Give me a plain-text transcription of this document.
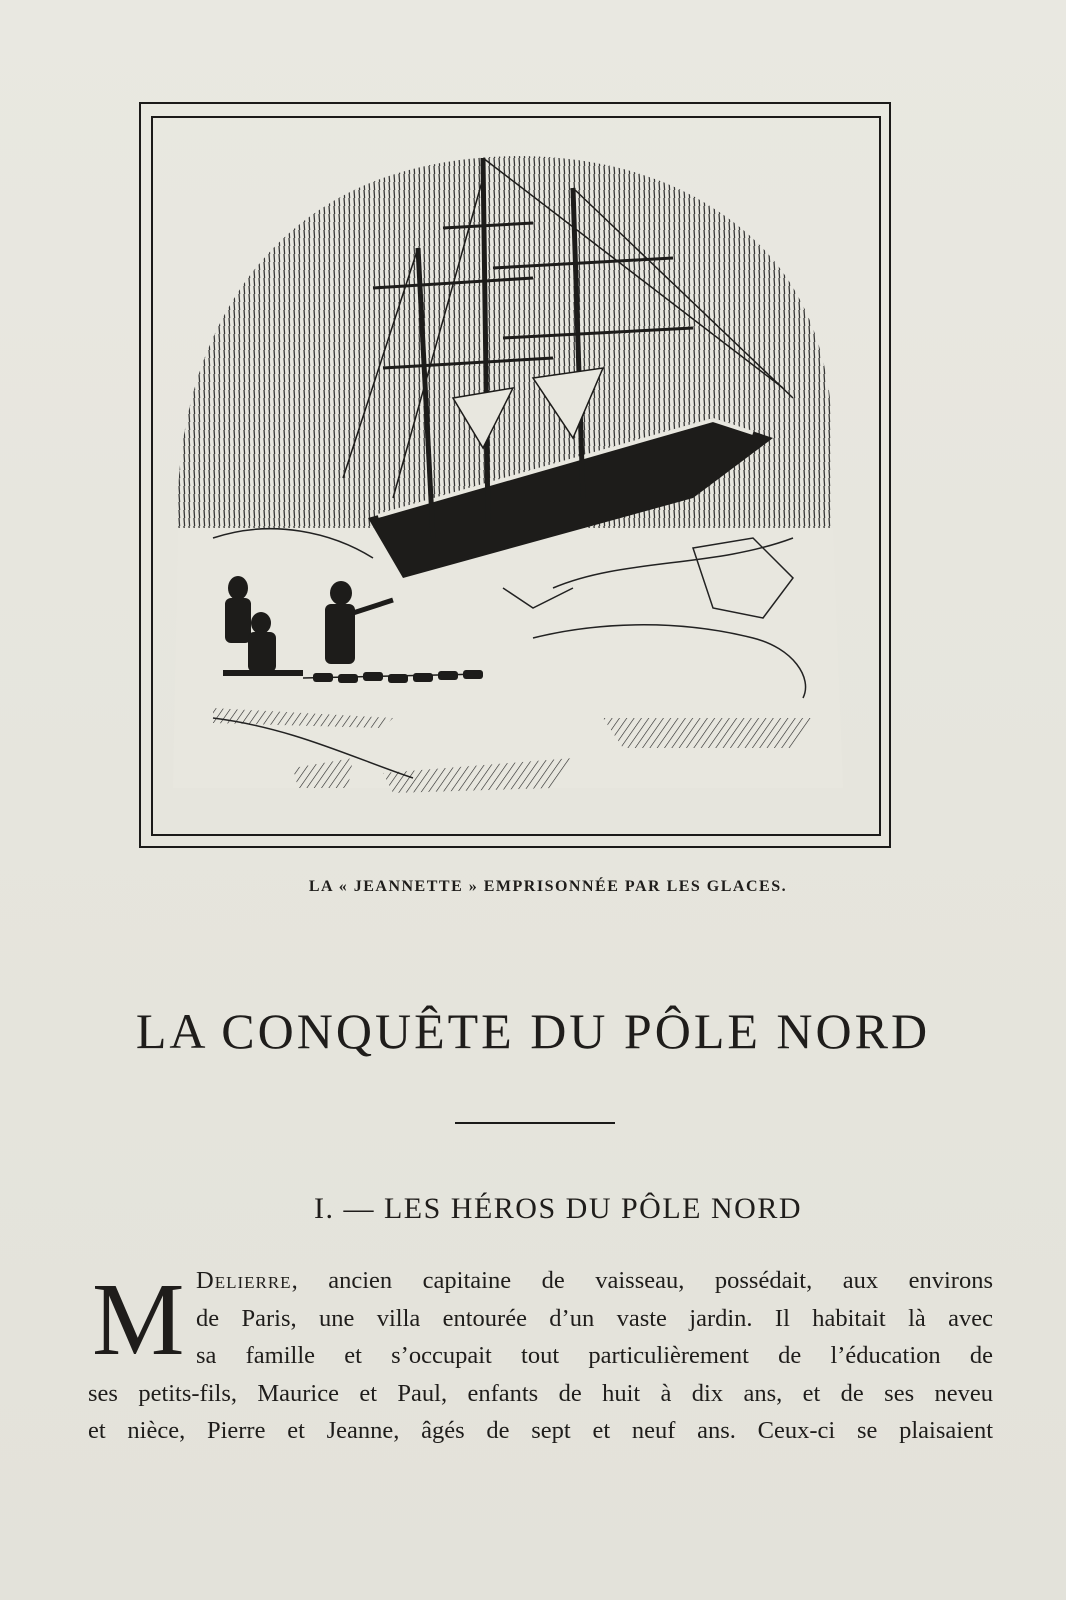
LA « JEANNETTE » EMPRISONNÉE PAR LES GLACES.
LA CONQUÊTE DU PÔLE NORD
I. — LES HÉROS DU PÔLE NORD
M Delierre, ancien capitaine de vaisseau, possédait, aux environs
de Paris, une villa entourée d’un vaste jardin. Il habitait là avec
sa famille et s’occupait tout particulièrement de l’éducation de
ses petits-fils, Maurice et Paul, enfants de huit à dix ans, et de ses neveu
et nièce, Pierre et Jeanne, âgés de sept et neuf ans. Ceux-ci se plaisaient
